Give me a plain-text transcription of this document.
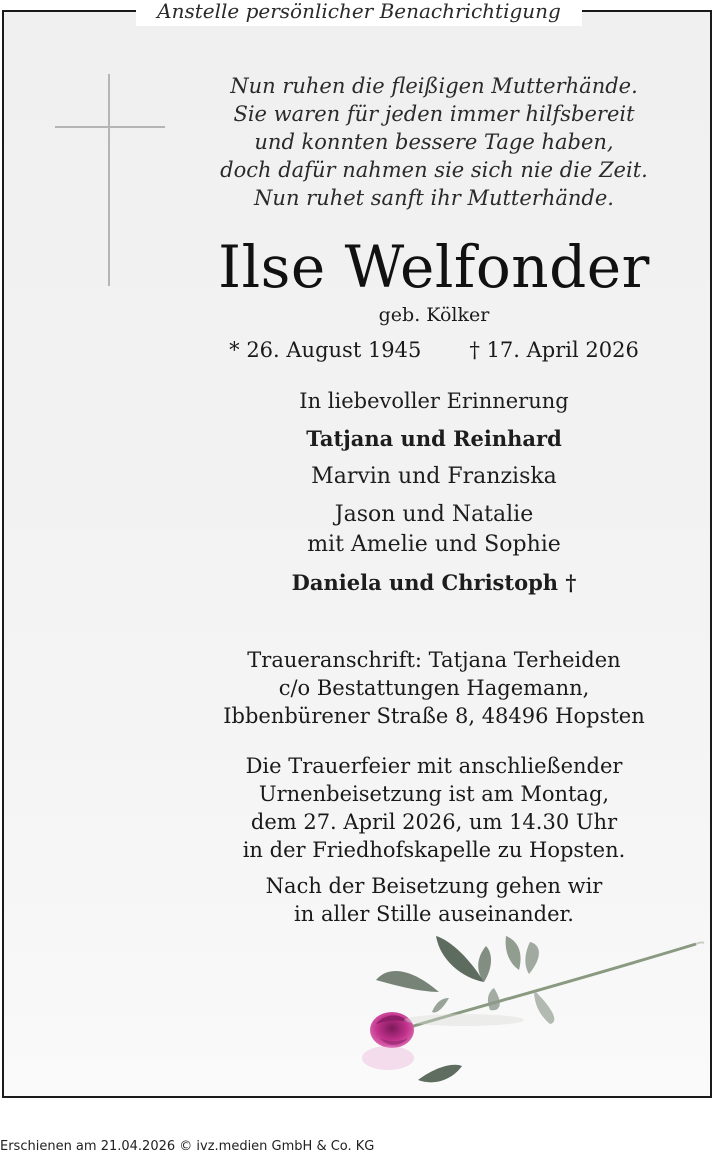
Nun ruhen die fleißigen Mutterhände.
Sie waren für jeden immer hilfsbereit
und konnten bessere Tage haben,
doch dafür nahmen sie sich nie die Zeit.
Nun ruhet sanft ihr Mutterhände.
Ilse Welfonder
geb. Kölker
* 26. August 1945 † 17. April 2026
In liebevoller Erinnerung
Tatjana und Reinhard
Marvin und Franziska
Jason und Natalie
mit Amelie und Sophie
Daniela und Christoph †
Traueranschrift: Tatjana Terheiden
c/o Bestattungen Hagemann,
Ibbenbürener Straße 8, 48496 Hopsten
Die Trauerfeier mit anschließender
Urnenbeisetzung ist am Montag,
dem 27. April 2026, um 14.30 Uhr
in der Friedhofskapelle zu Hopsten.
Nach der Beisetzung gehen wir
in aller Stille auseinander.
Anstelle persönlicher Benachrichtigung
Erschienen am 21.04.2026 © ivz.medien GmbH & Co. KG
